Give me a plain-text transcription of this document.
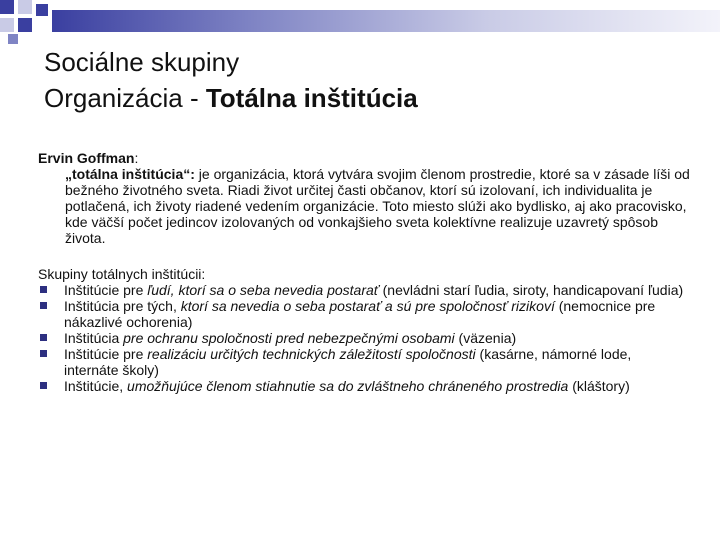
Sociálne skupiny
Organizácia - Totálna inštitúcia
Ervin Goffman:

„totálna inštitúcia“: je organizácia, ktorá vytvára svojim členom prostredie, ktoré sa v zásade líši od bežného životného sveta. Riadi život určitej časti občanov, ktorí sú izolovaní, ich individualita je potlačená, ich životy riadené vedením organizácie. Toto miesto slúži ako bydlisko, aj ako pracovisko, kde väčší počet jedincov izolovaných od vonkajšieho sveta kolektívne realizuje uzavretý spôsob života.

Skupiny totálnych inštitúcii:
Inštitúcie pre ľudí, ktorí sa o seba nevedia postarať (nevládni starí ľudia, siroty, handicapovaní ľudia)
Inštitúcia pre tých, ktorí sa nevedia o seba postarať a sú pre spoločnosť rizikoví (nemocnice pre nákazlivé ochorenia)
Inštitúcia pre ochranu spoločnosti pred nebezpečnými osobami (väzenia)
Inštitúcie pre realizáciu určitých technických záležitostí spoločnosti (kasárne, námorné lode, internáte školy)
Inštitúcie, umožňujúce členom stiahnutie sa do zvláštneho chráneného prostredia (kláštory)
